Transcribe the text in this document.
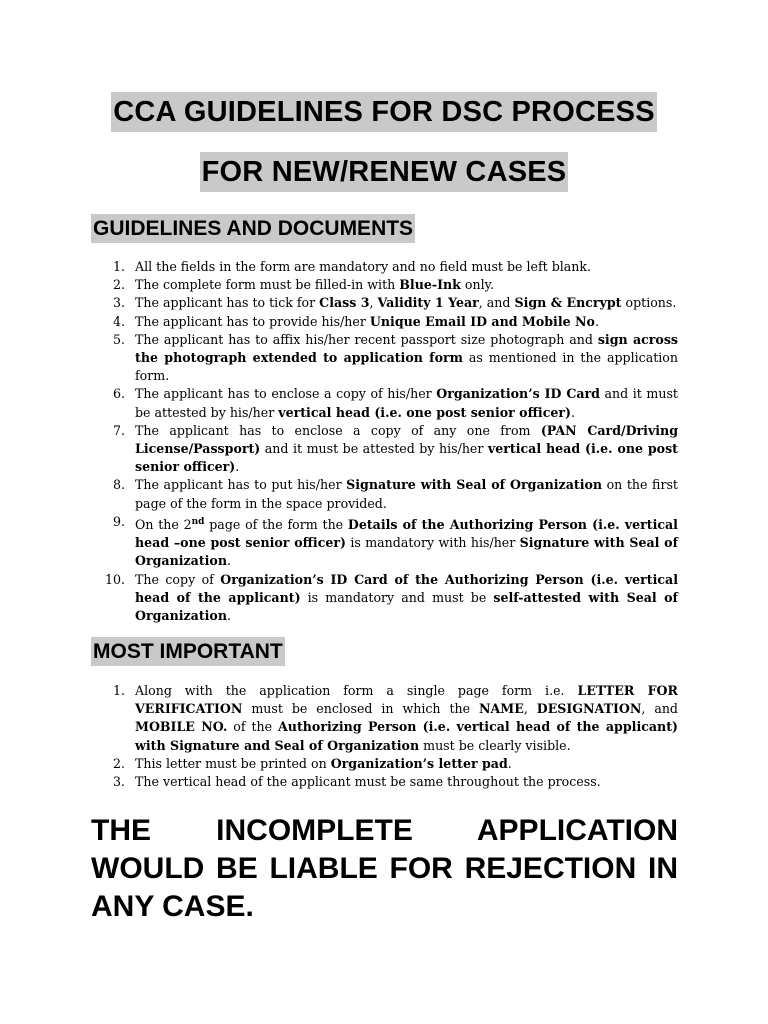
CCA GUIDELINES FOR DSC PROCESS
FOR NEW/RENEW CASES
GUIDELINES AND DOCUMENTS
1. All the fields in the form are mandatory and no field must be left blank.
2. The complete form must be filled-in with Blue-Ink only.
3. The applicant has to tick for Class 3, Validity 1 Year, and Sign & Encrypt options.
4. The applicant has to provide his/her Unique Email ID and Mobile No.
5. The applicant has to affix his/her recent passport size photograph and sign across the photograph extended to application form as mentioned in the application form.
6. The applicant has to enclose a copy of his/her Organization’s ID Card and it must be attested by his/her vertical head (i.e. one post senior officer).
7. The applicant has to enclose a copy of any one from (PAN Card/Driving License/Passport) and it must be attested by his/her vertical head (i.e. one post senior officer).
8. The applicant has to put his/her Signature with Seal of Organization on the first page of the form in the space provided.
9. On the 2nd page of the form the Details of the Authorizing Person (i.e. vertical head –one post senior officer) is mandatory with his/her Signature with Seal of Organization.
10. The copy of Organization’s ID Card of the Authorizing Person (i.e. vertical head of the applicant) is mandatory and must be self-attested with Seal of Organization.
MOST IMPORTANT
1. Along with the application form a single page form i.e. LETTER FOR VERIFICATION must be enclosed in which the NAME, DESIGNATION, and MOBILE NO. of the Authorizing Person (i.e. vertical head of the applicant) with Signature and Seal of Organization must be clearly visible.
2. This letter must be printed on Organization’s letter pad.
3. The vertical head of the applicant must be same throughout the process.
THE INCOMPLETE APPLICATION WOULD BE LIABLE FOR REJECTION IN ANY CASE.
